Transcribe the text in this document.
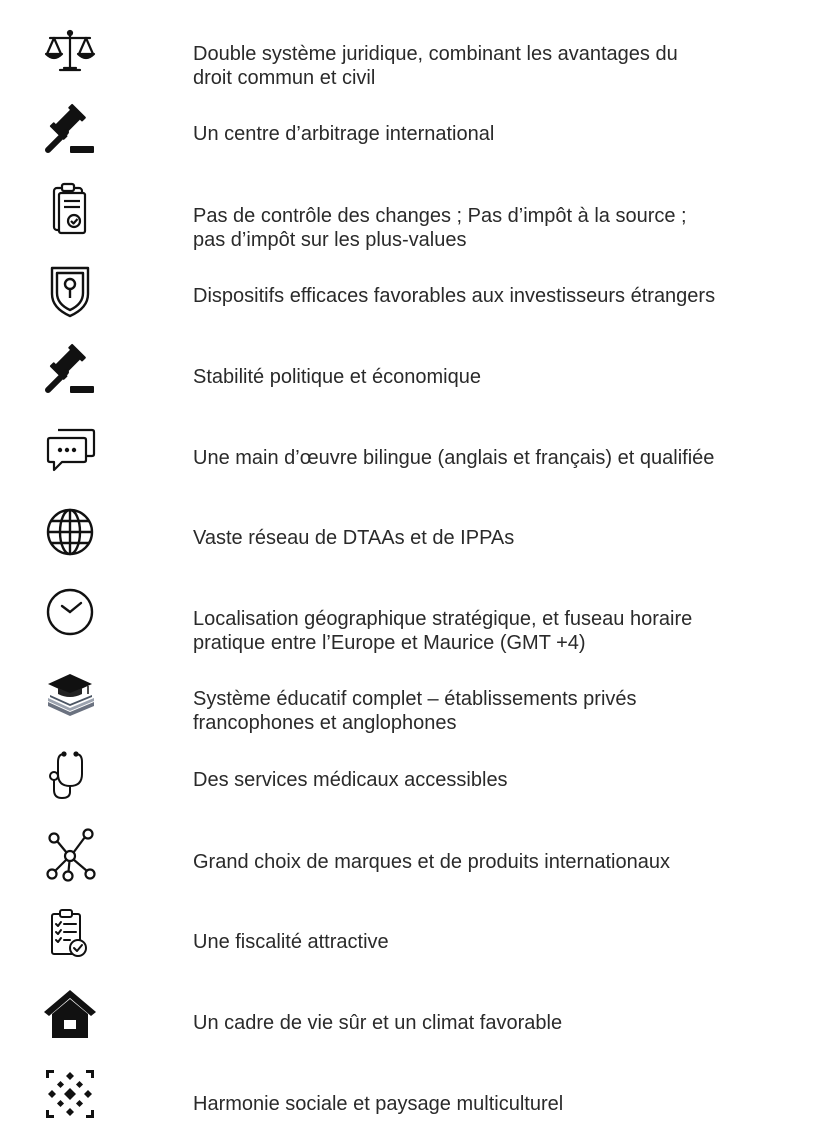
Double système juridique, combinant les avantages du
droit commun et civil
Un centre d’arbitrage international
Pas de contrôle des changes ; Pas d’impôt à la source ;
pas d’impôt sur les plus-values
Dispositifs efficaces favorables aux investisseurs étrangers
Stabilité politique et économique
Une main d’œuvre bilingue (anglais et français) et qualifiée
Vaste réseau de DTAAs et de IPPAs
Localisation géographique stratégique, et fuseau horaire
pratique entre l’Europe et Maurice (GMT +4)
Système éducatif complet – établissements privés
francophones et anglophones
Des services médicaux accessibles
Grand choix de marques et de produits internationaux
Une fiscalité attractive
Un cadre de vie sûr et un climat favorable
Harmonie sociale et paysage multiculturel
